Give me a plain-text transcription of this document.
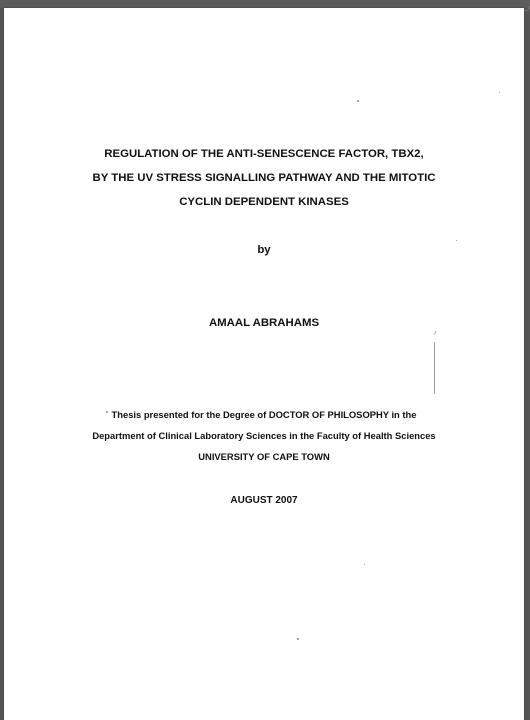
REGULATION OF THE ANTI-SENESCENCE FACTOR, TBX2,
BY THE UV STRESS SIGNALLING PATHWAY AND THE MITOTIC
CYCLIN DEPENDENT KINASES
by
AMAAL ABRAHAMS
Thesis presented for the Degree of DOCTOR OF PHILOSOPHY in the
Department of Clinical Laboratory Sciences in the Faculty of Health Sciences
UNIVERSITY OF CAPE TOWN
AUGUST 2007
